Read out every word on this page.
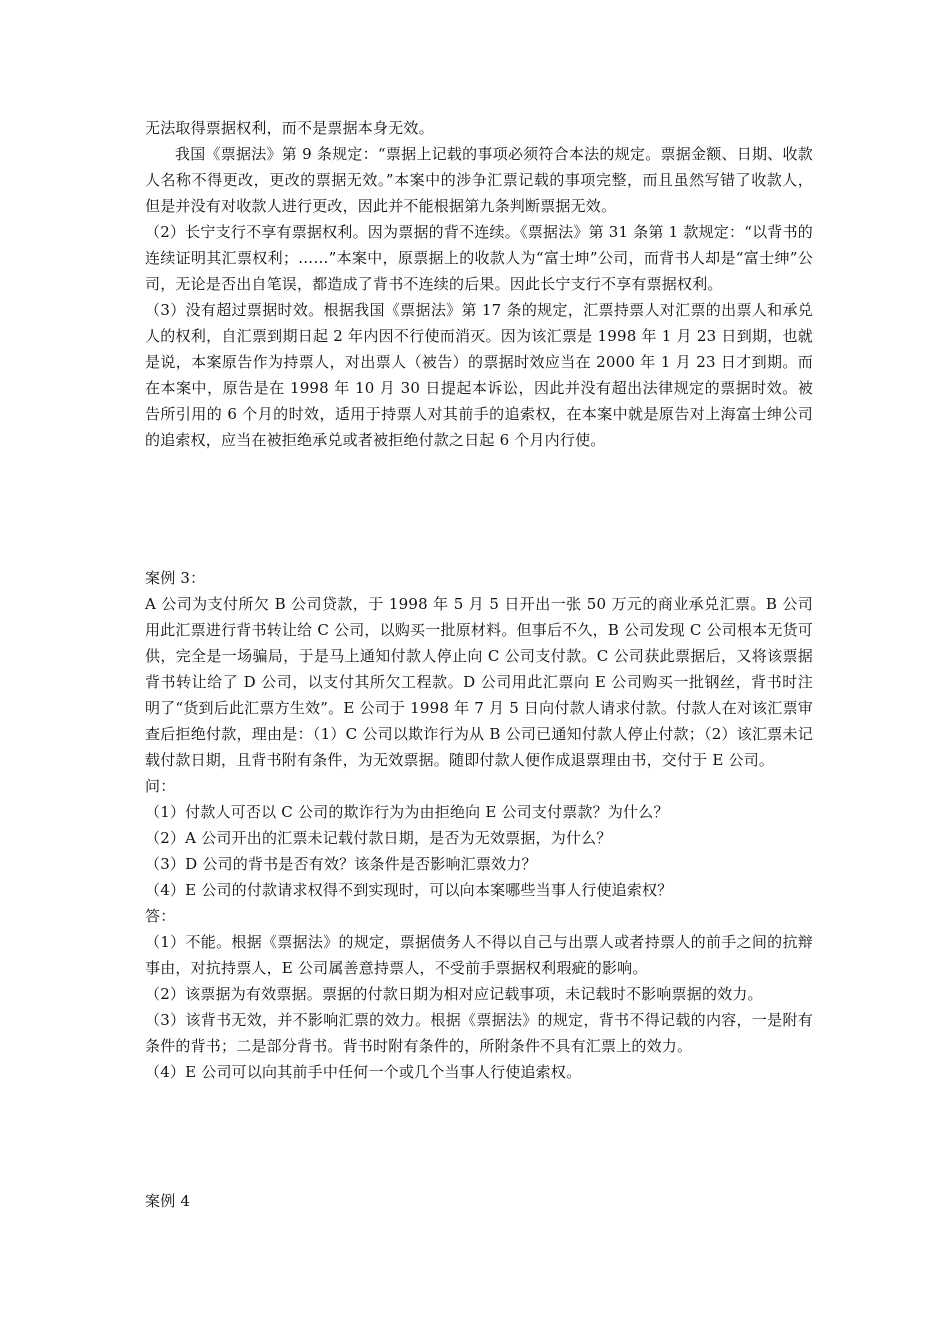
无法取得票据权利，而不是票据本身无效。

我国《票据法》第 9 条规定：“票据上记载的事项必须符合本法的规定。票据金额、日期、收款人名称不得更改，更改的票据无效。”本案中的涉争汇票记载的事项完整，而且虽然写错了收款人，但是并没有对收款人进行更改，因此并不能根据第九条判断票据无效。

（2）长宁支行不享有票据权利。因为票据的背不连续。《票据法》第 31 条第 1 款规定：“以背书的连续证明其汇票权利；……”本案中，原票据上的收款人为“富士坤”公司，而背书人却是“富士绅”公司，无论是否出自笔误，都造成了背书不连续的后果。因此长宁支行不享有票据权利。

（3）没有超过票据时效。根据我国《票据法》第 17 条的规定，汇票持票人对汇票的出票人和承兑人的权利，自汇票到期日起 2 年内因不行使而消灭。因为该汇票是 1998 年 1 月 23 日到期，也就是说，本案原告作为持票人，对出票人（被告）的票据时效应当在 2000 年 1 月 23 日才到期。而在本案中，原告是在 1998 年 10 月 30 日提起本诉讼，因此并没有超出法律规定的票据时效。被告所引用的 6 个月的时效，适用于持票人对其前手的追索权，在本案中就是原告对上海富士绅公司的追索权，应当在被拒绝承兑或者被拒绝付款之日起 6 个月内行使。

案例 3：

A 公司为支付所欠 B 公司贷款，于 1998 年 5 月 5 日开出一张 50 万元的商业承兑汇票。B 公司用此汇票进行背书转让给 C 公司，以购买一批原材料。但事后不久，B 公司发现 C 公司根本无货可供，完全是一场骗局，于是马上通知付款人停止向 C 公司支付款。C 公司获此票据后，又将该票据背书转让给了 D 公司，以支付其所欠工程款。D 公司用此汇票向 E 公司购买一批钢丝，背书时注明了“货到后此汇票方生效”。E 公司于 1998 年 7 月 5 日向付款人请求付款。付款人在对该汇票审查后拒绝付款，理由是：（1）C 公司以欺诈行为从 B 公司已通知付款人停止付款；（2）该汇票未记载付款日期，且背书附有条件，为无效票据。随即付款人便作成退票理由书，交付于 E 公司。

问：

（1）付款人可否以 C 公司的欺诈行为为由拒绝向 E 公司支付票款？为什么？

（2）A 公司开出的汇票未记载付款日期，是否为无效票据，为什么？

（3）D 公司的背书是否有效？该条件是否影响汇票效力？

（4）E 公司的付款请求权得不到实现时，可以向本案哪些当事人行使追索权？

答：

（1）不能。根据《票据法》的规定，票据债务人不得以自己与出票人或者持票人的前手之间的抗辩事由，对抗持票人，E 公司属善意持票人，不受前手票据权利瑕疵的影响。

（2）该票据为有效票据。票据的付款日期为相对应记载事项，未记载时不影响票据的效力。

（3）该背书无效，并不影响汇票的效力。根据《票据法》的规定，背书不得记载的内容，一是附有条件的背书；二是部分背书。背书时附有条件的，所附条件不具有汇票上的效力。

（4）E 公司可以向其前手中任何一个或几个当事人行使追索权。

案例 4
